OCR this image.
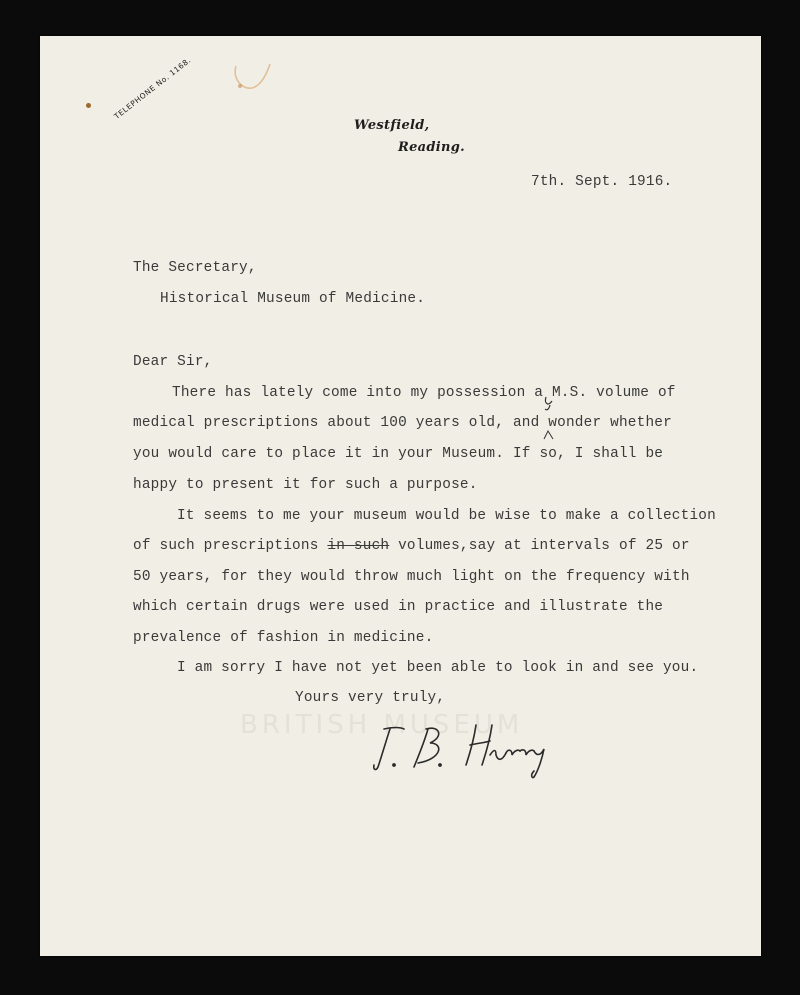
TELEPHONE No. 1168.
Westfield,
Reading.
7th. Sept. 1916.
The Secretary,
Historical Museum of Medicine.
Dear Sir,
There has lately come into my possession a M.S. volume of
medical prescriptions about 100 years old, and wonder whether
you would care to place it in your Museum. If so, I shall be
happy to present it for such a purpose.
It seems to me your museum would be wise to make a collection
of such prescriptions in such volumes,say at intervals of 25 or
50 years, for they would throw much light on the frequency with
which certain drugs were used in practice and illustrate the
prevalence of fashion in medicine.
I am sorry I have not yet been able to look in and see you.
Yours very truly,
BRITISH MUSEUM
